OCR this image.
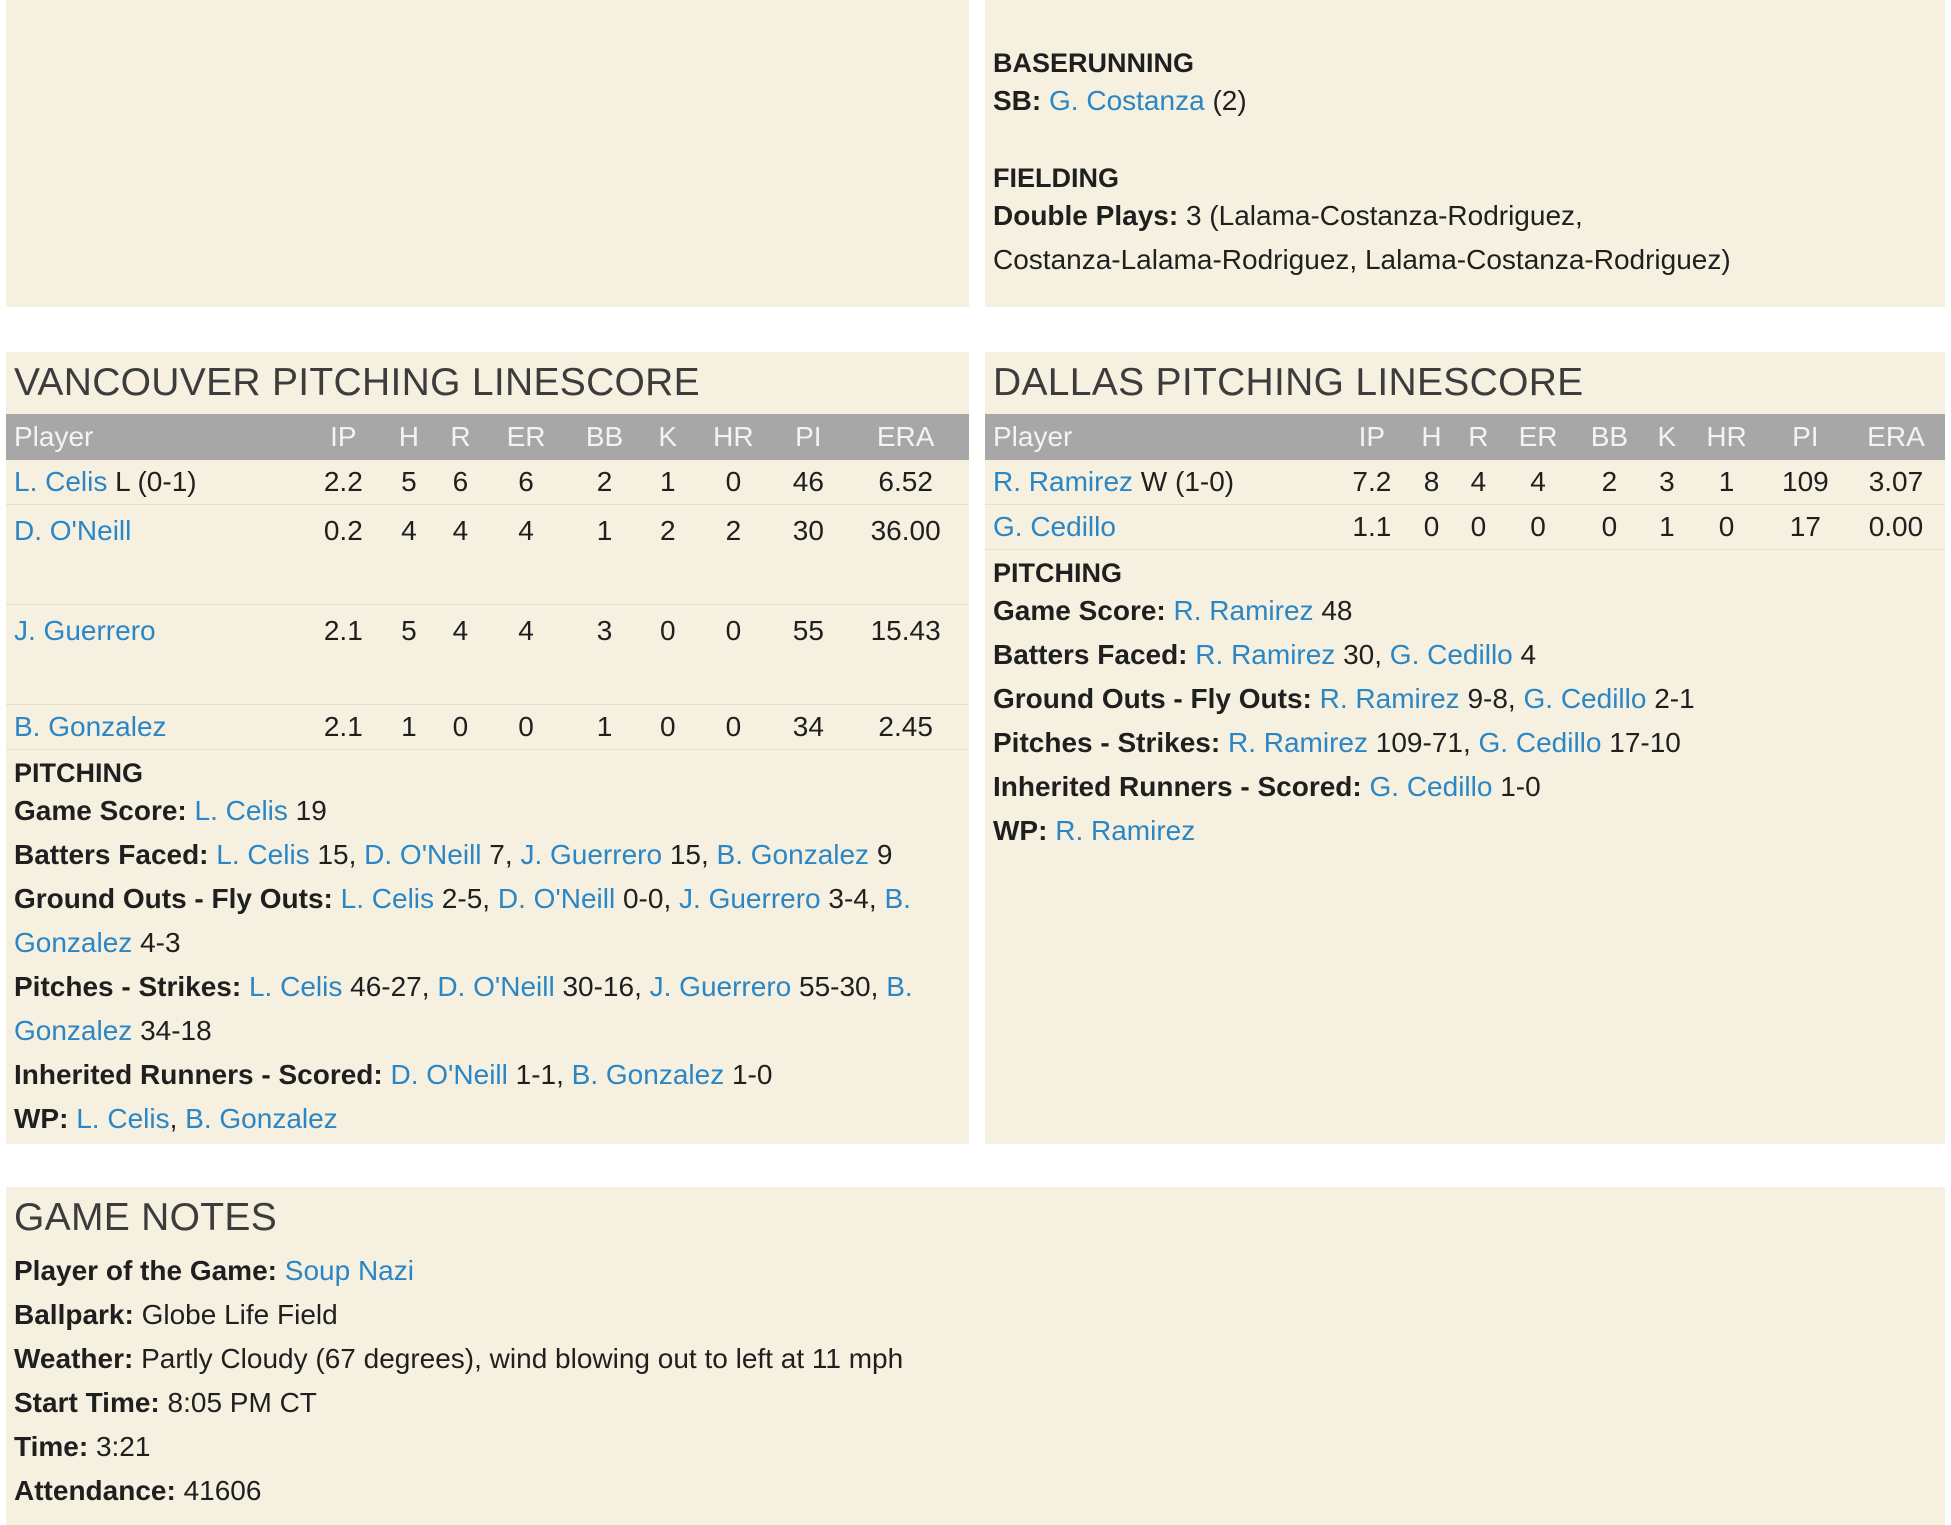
BASERUNNING
SB: G. Costanza (2)
FIELDING
Double Plays: 3 (Lalama-Costanza-Rodriguez,
Costanza-Lalama-Rodriguez, Lalama-Costanza-Rodriguez)
VANCOUVER PITCHING LINESCORE
Player	IP	H	R	ER	BB	K	HR	PI	ERA
L. Celis L (0-1)	2.2	5	6	6	2	1	0	46	6.52
D. O'Neill	0.2	4	4	4	1	2	2	30	36.00
J. Guerrero	2.1	5	4	4	3	0	0	55	15.43
B. Gonzalez	2.1	1	0	0	1	0	0	34	2.45
PITCHING
Game Score: L. Celis 19
Batters Faced: L. Celis 15, D. O'Neill 7, J. Guerrero 15, B. Gonzalez 9
Ground Outs - Fly Outs: L. Celis 2-5, D. O'Neill 0-0, J. Guerrero 3-4, B.
Gonzalez 4-3
Pitches - Strikes: L. Celis 46-27, D. O'Neill 30-16, J. Guerrero 55-30, B.
Gonzalez 34-18
Inherited Runners - Scored: D. O'Neill 1-1, B. Gonzalez 1-0
WP: L. Celis, B. Gonzalez
DALLAS PITCHING LINESCORE
Player	IP	H	R	ER	BB	K	HR	PI	ERA
R. Ramirez W (1-0)	7.2	8	4	4	2	3	1	109	3.07
G. Cedillo	1.1	0	0	0	0	1	0	17	0.00
PITCHING
Game Score: R. Ramirez 48
Batters Faced: R. Ramirez 30, G. Cedillo 4
Ground Outs - Fly Outs: R. Ramirez 9-8, G. Cedillo 2-1
Pitches - Strikes: R. Ramirez 109-71, G. Cedillo 17-10
Inherited Runners - Scored: G. Cedillo 1-0
WP: R. Ramirez
GAME NOTES
Player of the Game: Soup Nazi
Ballpark: Globe Life Field
Weather: Partly Cloudy (67 degrees), wind blowing out to left at 11 mph
Start Time: 8:05 PM CT
Time: 3:21
Attendance: 41606
